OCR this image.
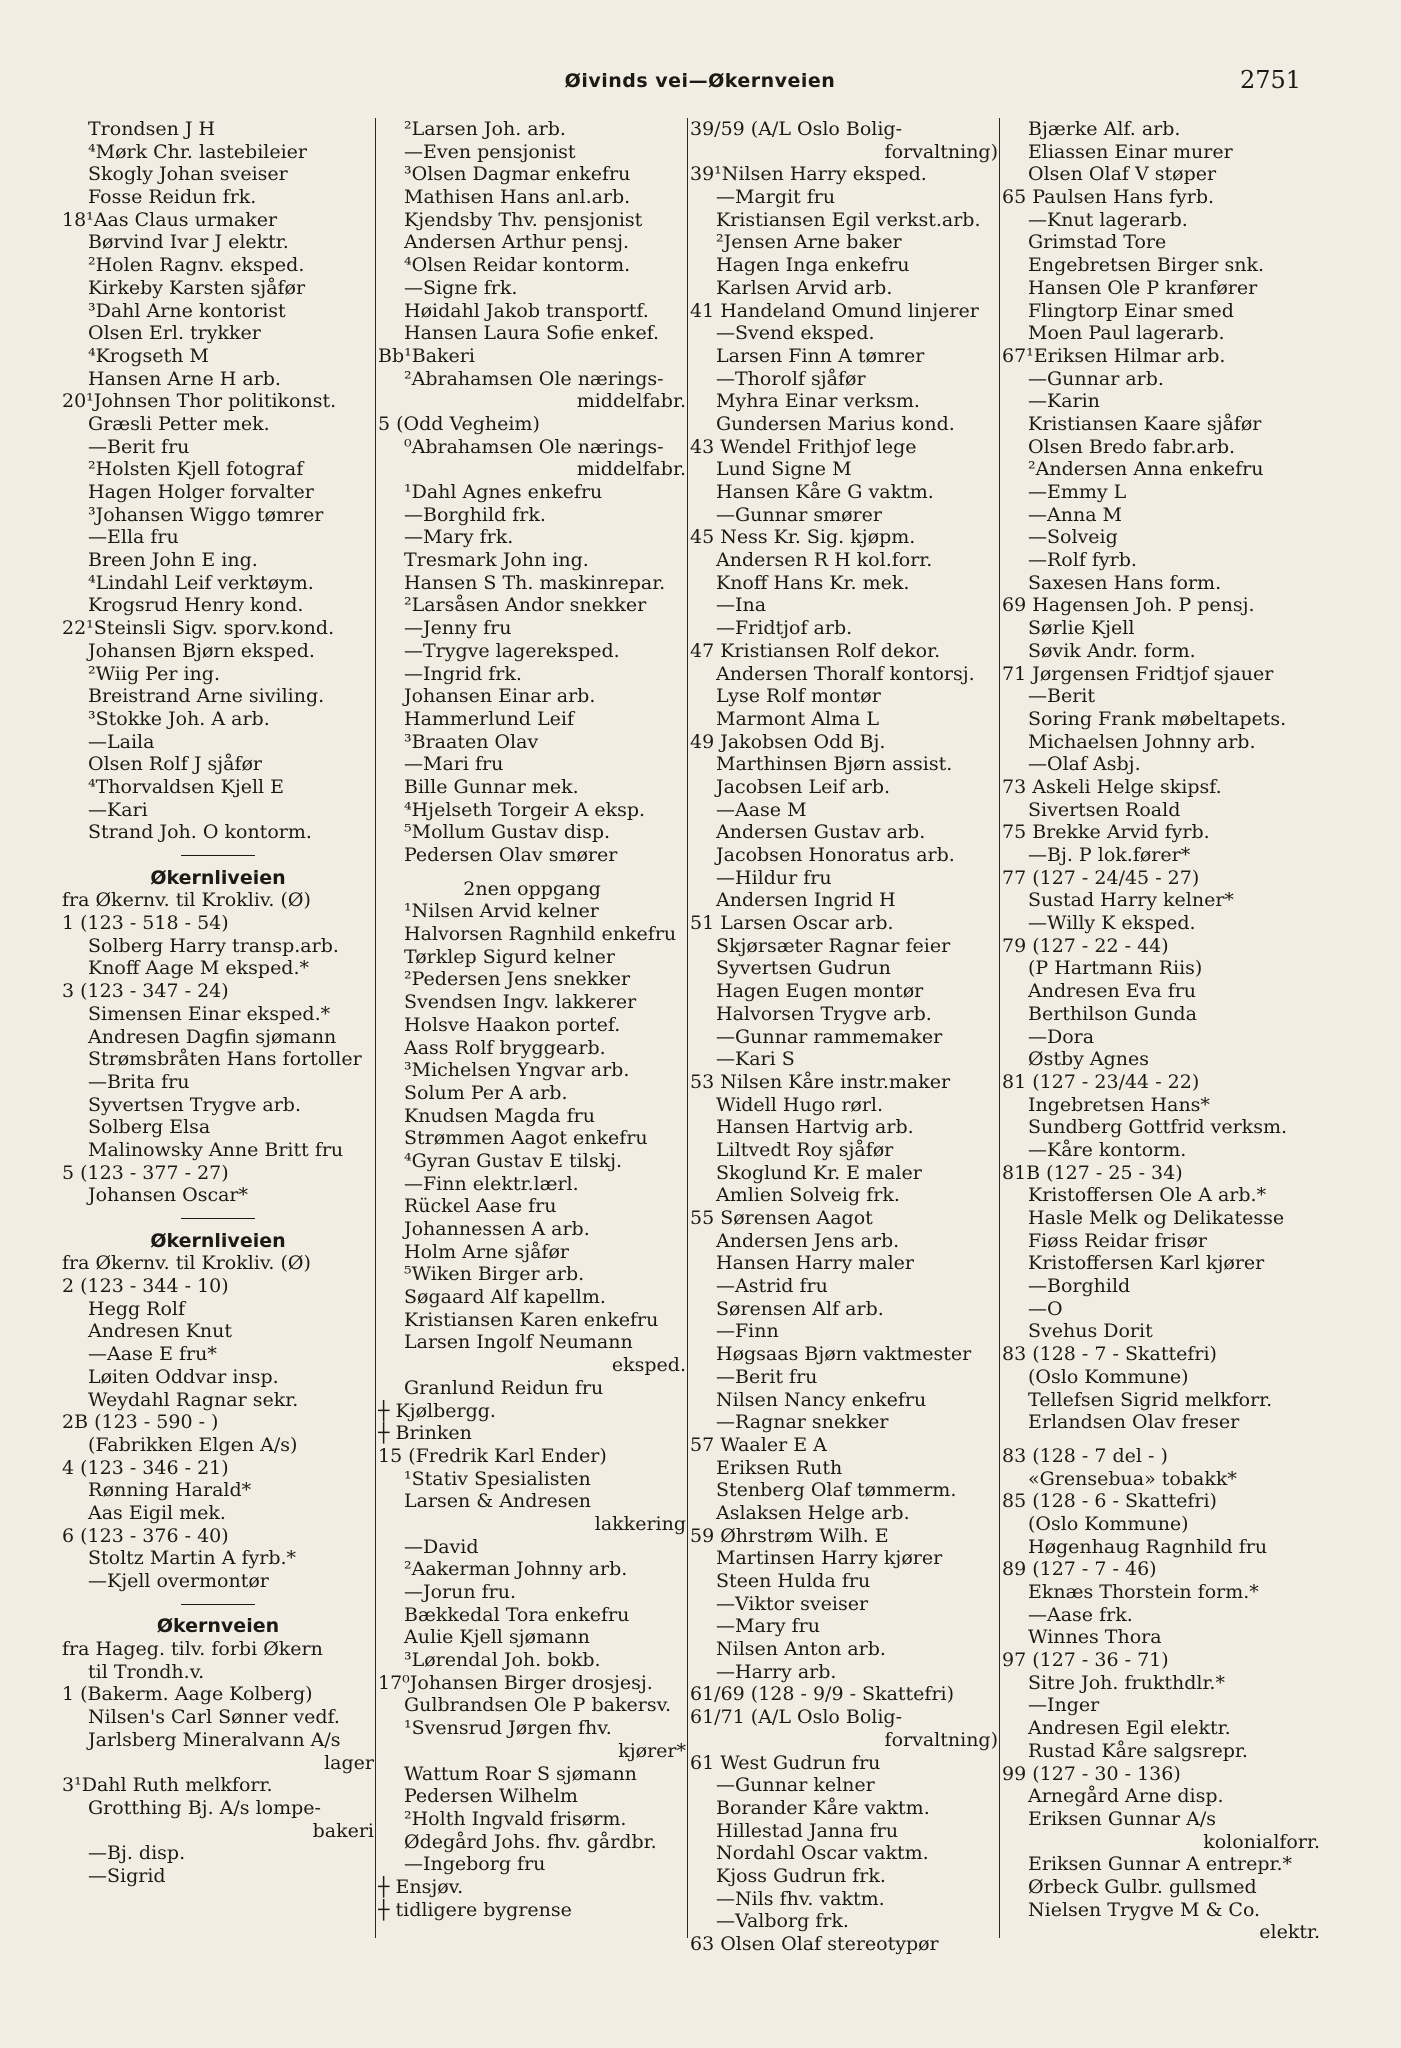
Øivinds vei—Økernveien	2751
Trondsen J H
⁴Mørk Chr. lastebileier
Skogly Johan sveiser
Fosse Reidun frk.
18¹Aas Claus urmaker
Børvind Ivar J elektr.
²Holen Ragnv. eksped.
Kirkeby Karsten sjåfør
³Dahl Arne kontorist
Olsen Erl. trykker
⁴Krogseth M
Hansen Arne H arb.
20¹Johnsen Thor politikonst.
Græsli Petter mek.
—Berit fru
²Holsten Kjell fotograf
Hagen Holger forvalter
³Johansen Wiggo tømrer
—Ella fru
Breen John E ing.
⁴Lindahl Leif verktøym.
Krogsrud Henry kond.
22¹Steinsli Sigv. sporv.kond.
Johansen Bjørn eksped.
²Wiig Per ing.
Breistrand Arne siviling.
³Stokke Joh. A arb.
—Laila
Olsen Rolf J sjåfør
⁴Thorvaldsen Kjell E
—Kari
Strand Joh. O kontorm.
Økernliveien
fra Økernv. til Krokliv. (Ø)
1 (123 - 518 - 54)
Solberg Harry transp.arb.
Knoff Aage M eksped.*
3 (123 - 347 - 24)
Simensen Einar eksped.*
Andresen Dagfin sjømann
Strømsbråten Hans fortoller
—Brita fru
Syvertsen Trygve arb.
Solberg Elsa
Malinowsky Anne Britt fru
5 (123 - 377 - 27)
Johansen Oscar*
Økernliveien
fra Økernv. til Krokliv. (Ø)
2 (123 - 344 - 10)
Hegg Rolf
Andresen Knut
—Aase E fru*
Løiten Oddvar insp.
Weydahl Ragnar sekr.
2B (123 - 590 - )
(Fabrikken Elgen A/s)
4 (123 - 346 - 21)
Rønning Harald*
Aas Eigil mek.
6 (123 - 376 - 40)
Stoltz Martin A fyrb.*
—Kjell overmontør
Økernveien
fra Hageg. tilv. forbi Økern
til Trondh.v.
1 (Bakerm. Aage Kolberg)
Nilsen's Carl Sønner vedf.
Jarlsberg Mineralvann A/s
lager
3¹Dahl Ruth melkforr.
Grotthing Bj. A/s lompe-
bakeri
—Bj. disp.
—Sigrid
²Larsen Joh. arb.
—Even pensjonist
³Olsen Dagmar enkefru
Mathisen Hans anl.arb.
Kjendsby Thv. pensjonist
Andersen Arthur pensj.
⁴Olsen Reidar kontorm.
—Signe frk.
Høidahl Jakob transportf.
Hansen Laura Sofie enkef.
Bb¹Bakeri
²Abrahamsen Ole nærings-
middelfabr.
5 (Odd Vegheim)
⁰Abrahamsen Ole nærings-
middelfabr.
¹Dahl Agnes enkefru
—Borghild frk.
—Mary frk.
Tresmark John ing.
Hansen S Th. maskinrepar.
²Larsåsen Andor snekker
—Jenny fru
—Trygve lagereksped.
—Ingrid frk.
Johansen Einar arb.
Hammerlund Leif
³Braaten Olav
—Mari fru
Bille Gunnar mek.
⁴Hjelseth Torgeir A eksp.
⁵Mollum Gustav disp.
Pedersen Olav smører
2nen oppgang
¹Nilsen Arvid kelner
Halvorsen Ragnhild enkefru
Tørklep Sigurd kelner
²Pedersen Jens snekker
Svendsen Ingv. lakkerer
Holsve Haakon portef.
Aass Rolf bryggearb.
³Michelsen Yngvar arb.
Solum Per A arb.
Knudsen Magda fru
Strømmen Aagot enkefru
⁴Gyran Gustav E tilskj.
—Finn elektr.lærl.
Rückel Aase fru
Johannessen A arb.
Holm Arne sjåfør
⁵Wiken Birger arb.
Søgaard Alf kapellm.
Kristiansen Karen enkefru
Larsen Ingolf Neumann
eksped.
Granlund Reidun fru
┼ Kjølbergg.
┼ Brinken
15 (Fredrik Karl Ender)
¹Stativ Spesialisten
Larsen & Andresen
lakkering
—David
²Aakerman Johnny arb.
—Jorun fru.
Bækkedal Tora enkefru
Aulie Kjell sjømann
³Lørendal Joh. bokb.
17⁰Johansen Birger drosjesj.
Gulbrandsen Ole P bakersv.
¹Svensrud Jørgen fhv.
kjører*
Wattum Roar S sjømann
Pedersen Wilhelm
²Holth Ingvald frisørm.
Ødegård Johs. fhv. gårdbr.
—Ingeborg fru
┼ Ensjøv.
┼ tidligere bygrense
39/59 (A/L Oslo Bolig-
forvaltning)
39¹Nilsen Harry eksped.
—Margit fru
Kristiansen Egil verkst.arb.
²Jensen Arne baker
Hagen Inga enkefru
Karlsen Arvid arb.
41 Handeland Omund linjerer
—Svend eksped.
Larsen Finn A tømrer
—Thorolf sjåfør
Myhra Einar verksm.
Gundersen Marius kond.
43 Wendel Frithjof lege
Lund Signe M
Hansen Kåre G vaktm.
—Gunnar smører
45 Ness Kr. Sig. kjøpm.
Andersen R H kol.forr.
Knoff Hans Kr. mek.
—Ina
—Fridtjof arb.
47 Kristiansen Rolf dekor.
Andersen Thoralf kontorsj.
Lyse Rolf montør
Marmont Alma L
49 Jakobsen Odd Bj.
Marthinsen Bjørn assist.
Jacobsen Leif arb.
—Aase M
Andersen Gustav arb.
Jacobsen Honoratus arb.
—Hildur fru
Andersen Ingrid H
51 Larsen Oscar arb.
Skjørsæter Ragnar feier
Syvertsen Gudrun
Hagen Eugen montør
Halvorsen Trygve arb.
—Gunnar rammemaker
—Kari S
53 Nilsen Kåre instr.maker
Widell Hugo rørl.
Hansen Hartvig arb.
Liltvedt Roy sjåfør
Skoglund Kr. E maler
Amlien Solveig frk.
55 Sørensen Aagot
Andersen Jens arb.
Hansen Harry maler
—Astrid fru
Sørensen Alf arb.
—Finn
Høgsaas Bjørn vaktmester
—Berit fru
Nilsen Nancy enkefru
—Ragnar snekker
57 Waaler E A
Eriksen Ruth
Stenberg Olaf tømmerm.
Aslaksen Helge arb.
59 Øhrstrøm Wilh. E
Martinsen Harry kjører
Steen Hulda fru
—Viktor sveiser
—Mary fru
Nilsen Anton arb.
—Harry arb.
61/69 (128 - 9/9 - Skattefri)
61/71 (A/L Oslo Bolig-
forvaltning)
61 West Gudrun fru
—Gunnar kelner
Borander Kåre vaktm.
Hillestad Janna fru
Nordahl Oscar vaktm.
Kjoss Gudrun frk.
—Nils fhv. vaktm.
—Valborg frk.
63 Olsen Olaf stereotypør
Bjærke Alf. arb.
Eliassen Einar murer
Olsen Olaf V støper
65 Paulsen Hans fyrb.
—Knut lagerarb.
Grimstad Tore
Engebretsen Birger snk.
Hansen Ole P kranfører
Flingtorp Einar smed
Moen Paul lagerarb.
67¹Eriksen Hilmar arb.
—Gunnar arb.
—Karin
Kristiansen Kaare sjåfør
Olsen Bredo fabr.arb.
²Andersen Anna enkefru
—Emmy L
—Anna M
—Solveig
—Rolf fyrb.
Saxesen Hans form.
69 Hagensen Joh. P pensj.
Sørlie Kjell
Søvik Andr. form.
71 Jørgensen Fridtjof sjauer
—Berit
Soring Frank møbeltapets.
Michaelsen Johnny arb.
—Olaf Asbj.
73 Askeli Helge skipsf.
Sivertsen Roald
75 Brekke Arvid fyrb.
—Bj. P lok.fører*
77 (127 - 24/45 - 27)
Sustad Harry kelner*
—Willy K eksped.
79 (127 - 22 - 44)
(P Hartmann Riis)
Andresen Eva fru
Berthilson Gunda
—Dora
Østby Agnes
81 (127 - 23/44 - 22)
Ingebretsen Hans*
Sundberg Gottfrid verksm.
—Kåre kontorm.
81B (127 - 25 - 34)
Kristoffersen Ole A arb.*
Hasle Melk og Delikatesse
Fiøss Reidar frisør
Kristoffersen Karl kjører
—Borghild
—O
Svehus Dorit
83 (128 - 7 - Skattefri)
(Oslo Kommune)
Tellefsen Sigrid melkforr.
Erlandsen Olav freser
83 (128 - 7 del - )
«Grensebua» tobakk*
85 (128 - 6 - Skattefri)
(Oslo Kommune)
Høgenhaug Ragnhild fru
89 (127 - 7 - 46)
Eknæs Thorstein form.*
—Aase frk.
Winnes Thora
97 (127 - 36 - 71)
Sitre Joh. frukthdlr.*
—Inger
Andresen Egil elektr.
Rustad Kåre salgsrepr.
99 (127 - 30 - 136)
Arnegård Arne disp.
Eriksen Gunnar A/s
kolonialforr.
Eriksen Gunnar A entrepr.*
Ørbeck Gulbr. gullsmed
Nielsen Trygve M & Co.
elektr.
